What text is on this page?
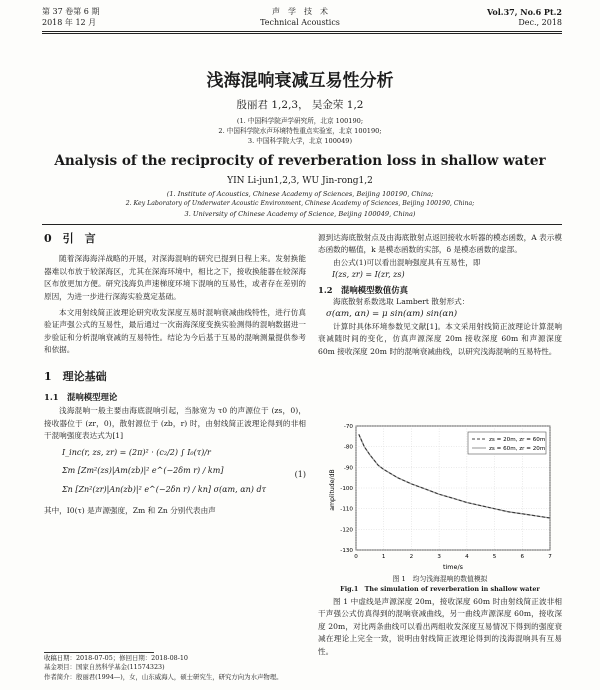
第 37 卷第 6 期
2018 年 12 月
声　学　技　术
Technical Acoustics
Vol.37, No.6 Pt.2
Dec., 2018
浅海混响衰减互易性分析
殷丽君 1,2,3， 吴金荣 1,2
(1. 中国科学院声学研究所，北京 100190;
2. 中国科学院水声环境特性重点实验室，北京 100190;
3. 中国科学院大学，北京 100049)
Analysis of the reciprocity of reverberation loss in shallow water
YIN Li-jun1,2,3, WU Jin-rong1,2
(1. Institute of Acoustics, Chinese Academy of Sciences, Beijing 100190, China;
2. Key Laboratory of Underwater Acoustic Environment, Chinese Academy of Sciences, Beijing 100190, China;
3. University of Chinese Academy of Science, Beijing 100049, China)
0　引　言

随着深海海洋战略的开展，对深海混响的研究已提到日程上来。发射换能器难以布放于较深海区，尤其在深海环境中，相比之下，接收换能器在较深海区布放更加方便。研究浅海负声速梯度环境下混响的互易性，或者存在差别的原因，为进一步进行深海实验奠定基础。

本文用射线简正波理论研究收发深度互易时混响衰减曲线特性，进行仿真验证声强公式的互易性，最后通过一次南海深度变换实验测得的混响数据进一步验证和分析混响衰减的互易特性。结论为今后基于互易的混响测量提供参考和依据。

1　理论基础
1.1　混响模型理论

浅海混响一般主要由海底混响引起，当脉宽为 τ0 的声源位于 (zs，0)，接收器位于 (zr，0)，散射源位于 (zb，r) 时，由射线简正波理论得到的非相干混响强度表达式为[1]

I_inc(r, zs, zr) = (2π)² · (c₂/2) ∫ I₀(τ)/r
Σm [Zm²(zs)|Am(zb)|² e^(−2δm r) / km]
Σn [Zn²(zr)|An(zb)|² e^(−2δn r) / kn] σ(αm, αn) dτ
(1)

其中，I0(τ) 是声源强度，Zm 和 Zn 分别代表由声

收稿日期：2018-07-05；修回日期：2018-08-10
基金项目：国家自然科学基金(11574323)
作者简介：殷丽君(1994—)，女，山东威海人，硕士研究生，研究方向为水声物理。

源到达海底散射点及由海底散射点返回接收水听器的模态函数，A 表示模态函数的幅值，k 是模态函数的实部，δ 是模态函数的虚部。

由公式(1)可以看出混响强度具有互易性，即

I(zs, zr) = I(zr, zs)
1.2　混响模型数值仿真

海底散射系数选取 Lambert 散射形式：

σ(αm, αn) = μ sin(αm) sin(αn)

计算时具体环境参数见文献[1]。本文采用射线简正波理论计算混响衰减随时间的变化，仿真声源深度 20m 接收深度 60m 和声源深度 60m 接收深度 20m 时的混响衰减曲线，以研究浅海混响的互易特性。

-70
-80
-90
-100
-110
-120
-130
0	1	2	3	4	5	6	7
amplitude/dB
time/s
zs = 20m, zr = 60m
zs = 60m, zr = 20m
图 1　均匀浅海混响的数值模拟
Fig.1　The simulation of reverberation in shallow water

图 1 中虚线是声源深度 20m，接收深度 60m 时由射线简正波非相干声强公式仿真得到的混响衰减曲线，另一曲线声源深度 60m，接收深度 20m，对比两条曲线可以看出两组收发深度互易情况下得到的强度衰减在理论上完全一致，说明由射线简正波理论得到的浅海混响具有互易性。
